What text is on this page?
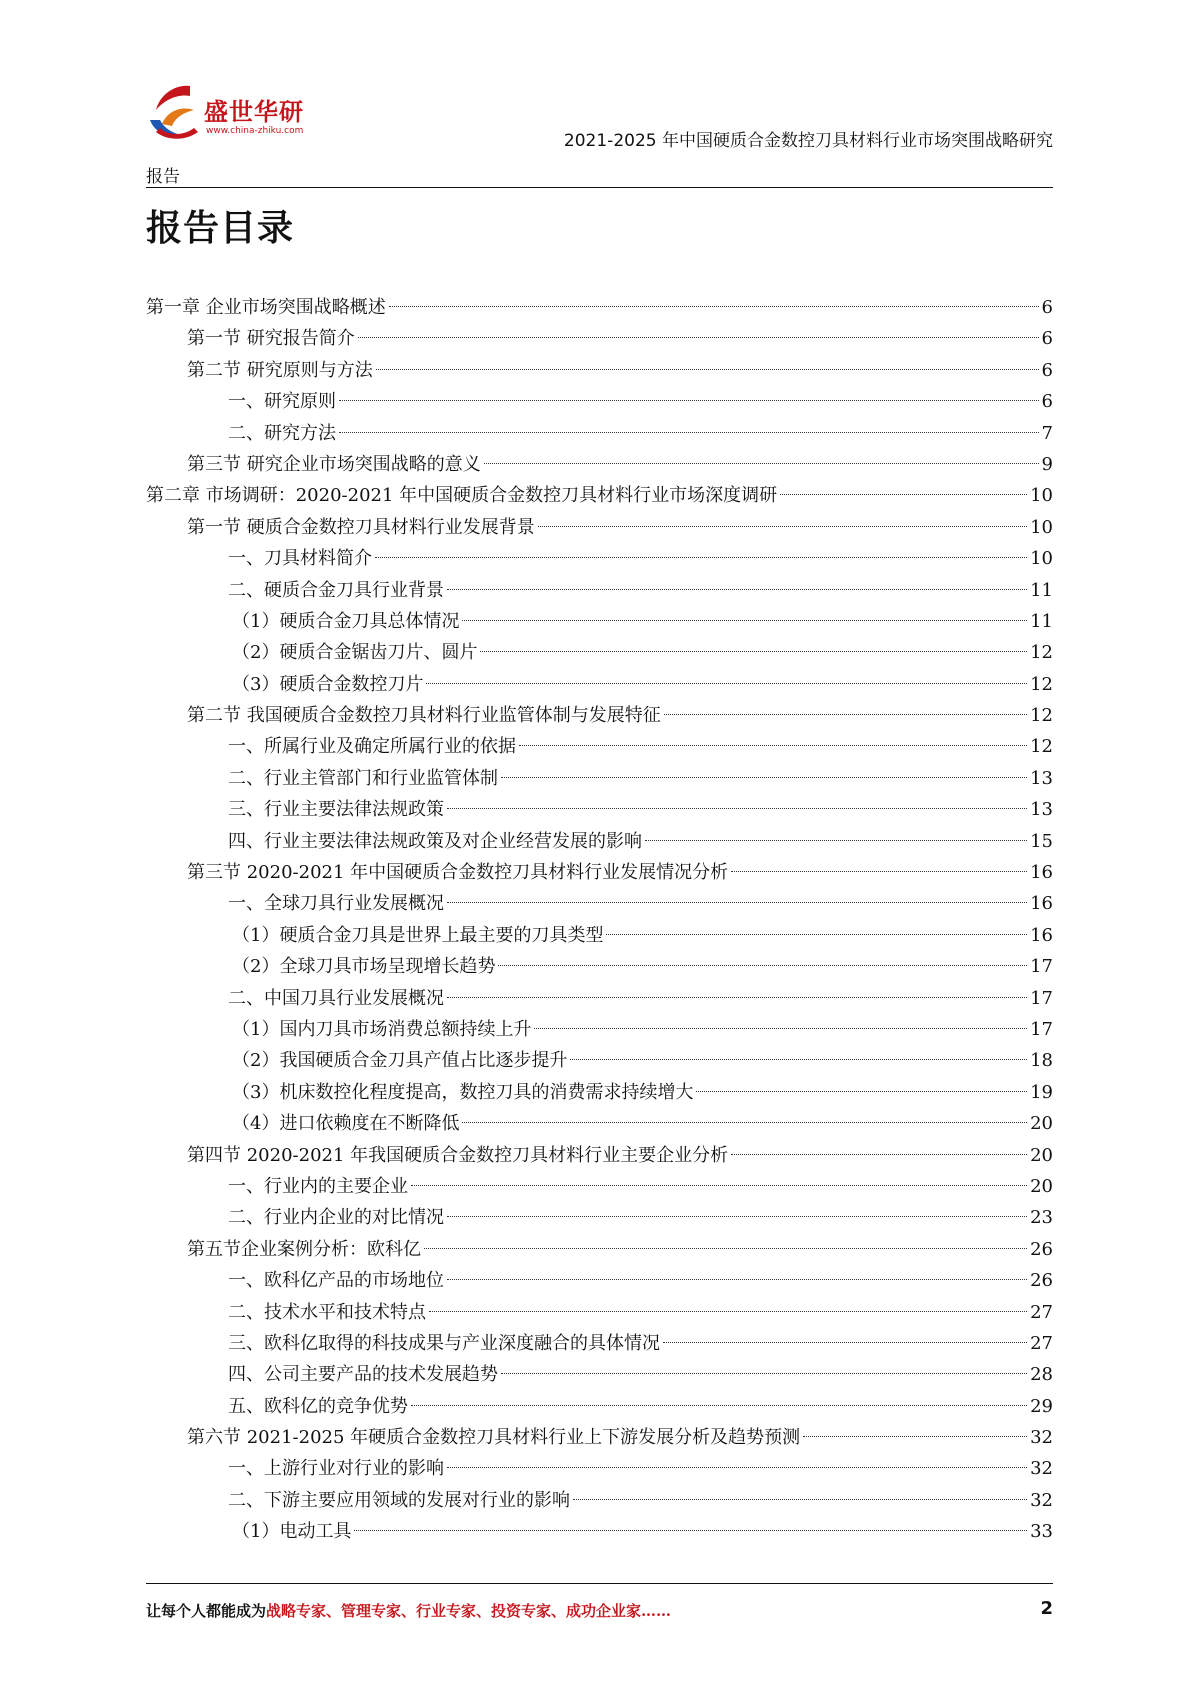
盛世华研
www.china-zhiku.com	2021-2025 年中国硬质合金数控刀具材料行业市场突围战略研究
报告
报告目录
第一章 企业市场突围战略概述	6
第一节 研究报告简介	6
第二节 研究原则与方法	6
一、研究原则	6
二、研究方法	7
第三节 研究企业市场突围战略的意义	9
第二章 市场调研：2020-2021 年中国硬质合金数控刀具材料行业市场深度调研	10
第一节 硬质合金数控刀具材料行业发展背景	10
一、刀具材料简介	10
二、硬质合金刀具行业背景	11
（1）硬质合金刀具总体情况	11
（2）硬质合金锯齿刀片、圆片	12
（3）硬质合金数控刀片	12
第二节 我国硬质合金数控刀具材料行业监管体制与发展特征	12
一、所属行业及确定所属行业的依据	12
二、行业主管部门和行业监管体制	13
三、行业主要法律法规政策	13
四、行业主要法律法规政策及对企业经营发展的影响	15
第三节 2020-2021 年中国硬质合金数控刀具材料行业发展情况分析	16
一、全球刀具行业发展概况	16
（1）硬质合金刀具是世界上最主要的刀具类型	16
（2）全球刀具市场呈现增长趋势	17
二、中国刀具行业发展概况	17
（1）国内刀具市场消费总额持续上升	17
（2）我国硬质合金刀具产值占比逐步提升	18
（3）机床数控化程度提高，数控刀具的消费需求持续增大	19
（4）进口依赖度在不断降低	20
第四节 2020-2021 年我国硬质合金数控刀具材料行业主要企业分析	20
一、行业内的主要企业	20
二、行业内企业的对比情况	23
第五节企业案例分析：欧科亿	26
一、欧科亿产品的市场地位	26
二、技术水平和技术特点	27
三、欧科亿取得的科技成果与产业深度融合的具体情况	27
四、公司主要产品的技术发展趋势	28
五、欧科亿的竞争优势	29
第六节 2021-2025 年硬质合金数控刀具材料行业上下游发展分析及趋势预测	32
一、上游行业对行业的影响	32
二、下游主要应用领域的发展对行业的影响	32
（1）电动工具	33
让每个人都能成为战略专家、管理专家、行业专家、投资专家、成功企业家……	2
